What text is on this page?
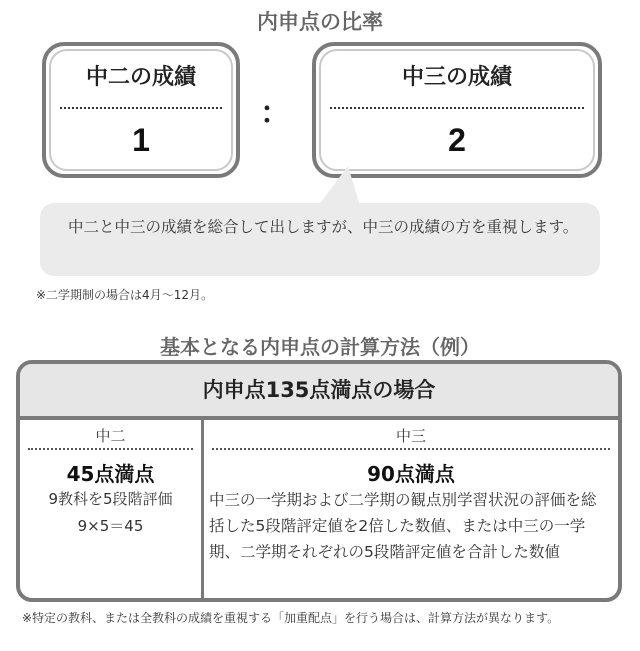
内申点の比率
中二の成績
1
：
中三の成績
2
中二と中三の成績を総合して出しますが、中三の成績の方を重視します。
※二学期制の場合は4月〜12月。
基本となる内申点の計算方法（例）
内申点135点満点の場合
中二	中三
45点満点
9教科を5段階評価
9×5＝45
90点満点
中三の一学期および二学期の観点別学習状況の評価を総括した5段階評定値を2倍した数値、または中三の一学期、二学期それぞれの5段階評定値を合計した数値
※特定の教科、または全教科の成績を重視する「加重配点」を行う場合は、計算方法が異なります。
